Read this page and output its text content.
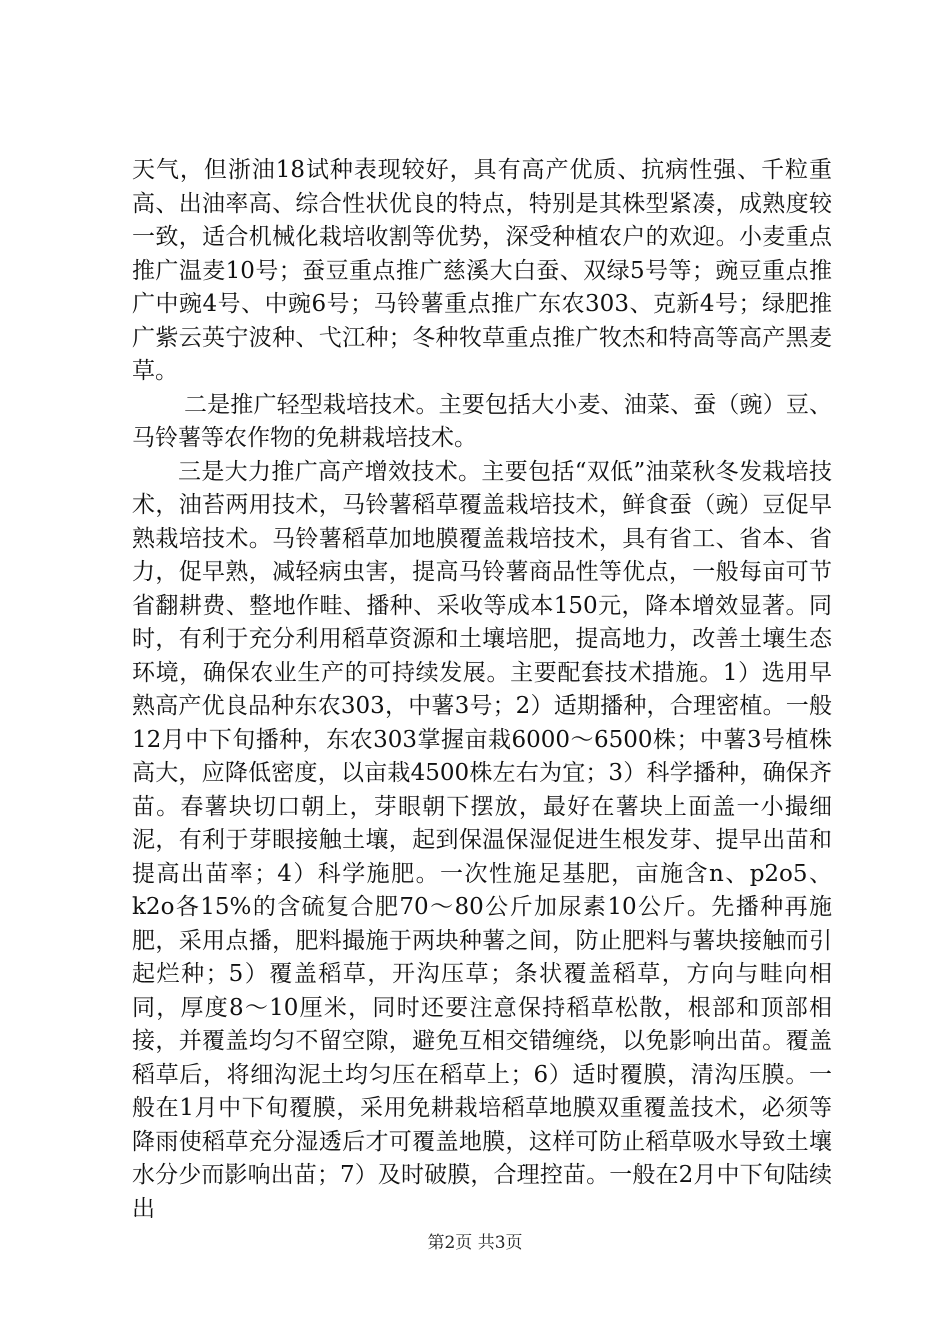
天气，但浙油18试种表现较好，具有高产优质、抗病性强、千粒重高、出油率高、综合性状优良的特点，特别是其株型紧凑，成熟度较一致，适合机械化栽培收割等优势，深受种植农户的欢迎。小麦重点推广温麦10号；蚕豆重点推广慈溪大白蚕、双绿5号等；豌豆重点推广中豌4号、中豌6号；马铃薯重点推广东农303、克新4号；绿肥推广紫云英宁波种、弋江种；冬种牧草重点推广牧杰和特高等高产黑麦草。

二是推广轻型栽培技术。主要包括大小麦、油菜、蚕（豌）豆、马铃薯等农作物的免耕栽培技术。

三是大力推广高产增效技术。主要包括“双低”油菜秋冬发栽培技术，油苔两用技术，马铃薯稻草覆盖栽培技术，鲜食蚕（豌）豆促早熟栽培技术。马铃薯稻草加地膜覆盖栽培技术，具有省工、省本、省力，促早熟，减轻病虫害，提高马铃薯商品性等优点，一般每亩可节省翻耕费、整地作畦、播种、采收等成本150元，降本增效显著。同时，有利于充分利用稻草资源和土壤培肥，提高地力，改善土壤生态环境，确保农业生产的可持续发展。主要配套技术措施。1）选用早熟高产优良品种东农303，中薯3号；2）适期播种，合理密植。一般12月中下旬播种，东农303掌握亩栽6000～6500株；中薯3号植株高大，应降低密度，以亩栽4500株左右为宜；3）科学播种，确保齐苗。春薯块切口朝上，芽眼朝下摆放，最好在薯块上面盖一小撮细泥，有利于芽眼接触土壤，起到保温保湿促进生根发芽、提早出苗和提高出苗率；4）科学施肥。一次性施足基肥，亩施含n、p2o5、k2o各15%的含硫复合肥70～80公斤加尿素10公斤。先播种再施肥，采用点播，肥料撮施于两块种薯之间，防止肥料与薯块接触而引起烂种；5）覆盖稻草，开沟压草；条状覆盖稻草，方向与畦向相同，厚度8～10厘米，同时还要注意保持稻草松散，根部和顶部相接，并覆盖均匀不留空隙，避免互相交错缠绕，以免影响出苗。覆盖稻草后，将细沟泥土均匀压在稻草上；6）适时覆膜，清沟压膜。一般在1月中下旬覆膜，采用免耕栽培稻草地膜双重覆盖技术，必须等降雨使稻草充分湿透后才可覆盖地膜，这样可防止稻草吸水导致土壤水分少而影响出苗；7）及时破膜，合理控苗。一般在2月中下旬陆续出

第2页 共3页
